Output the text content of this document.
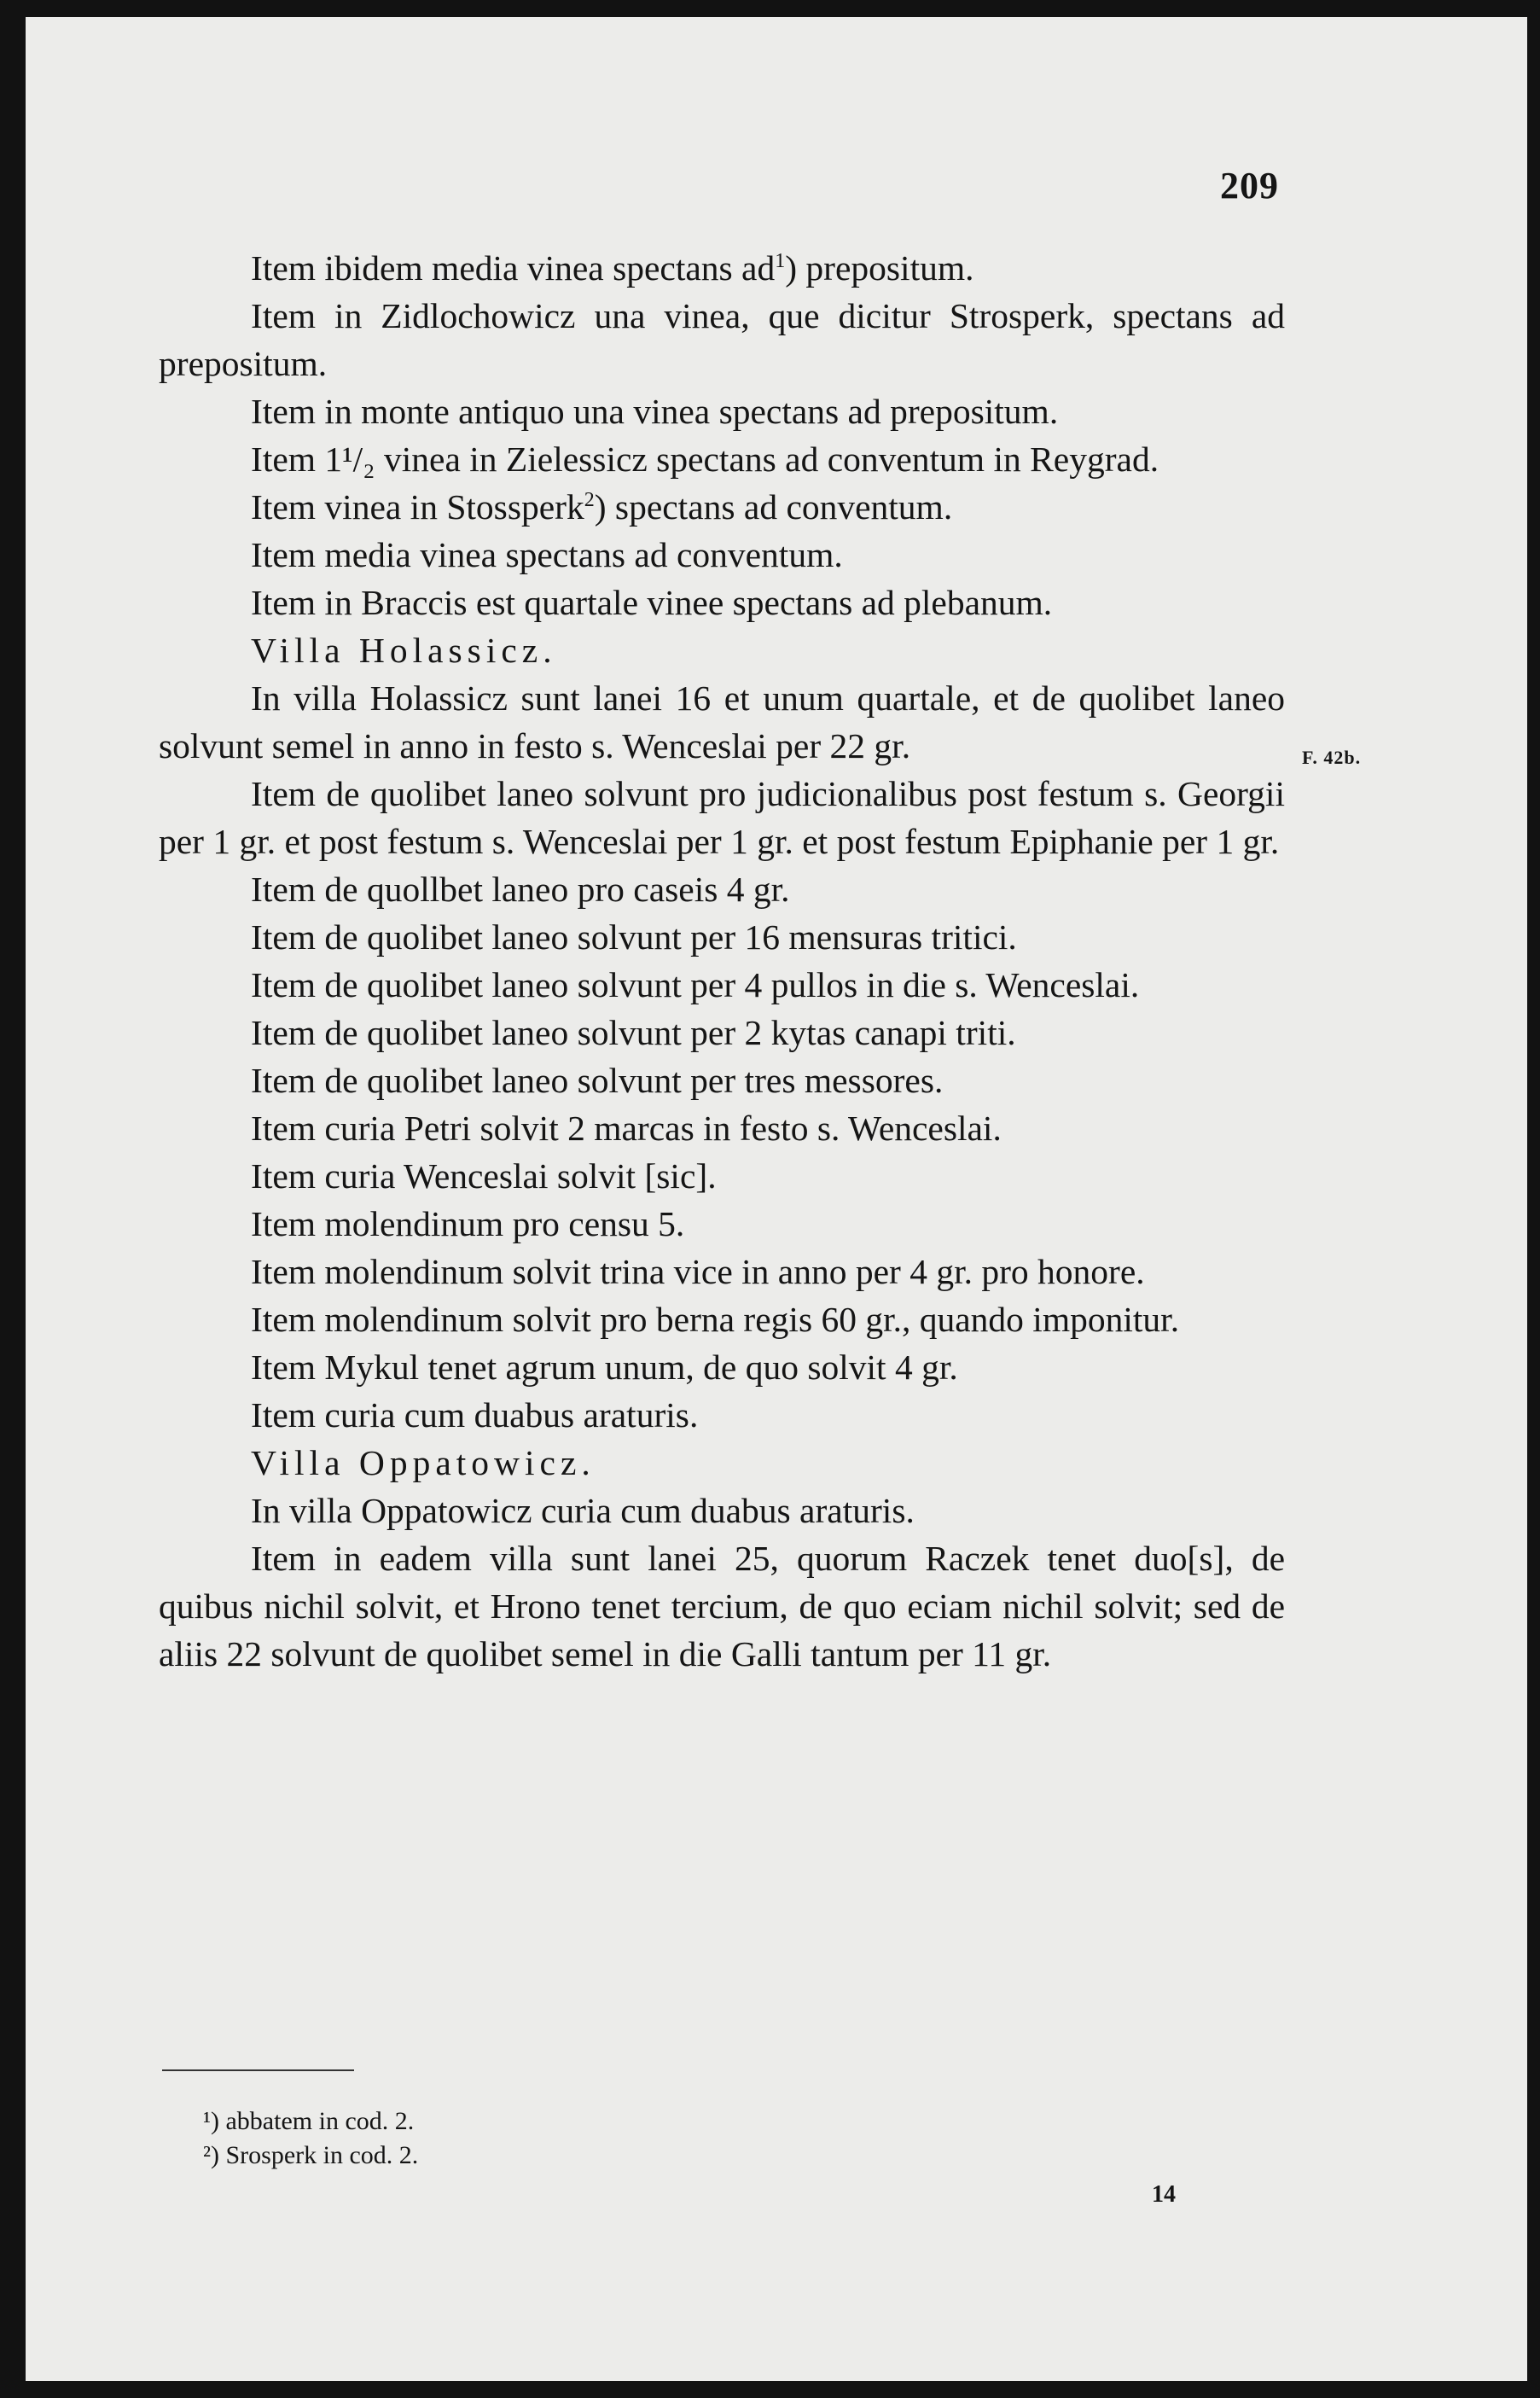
209

Item ibidem media vinea spectans $ad^1$) prepositum.

Item in Zidlochowicz una vinea, que dicitur Strosperk, spectans ad prepositum.

Item in monte antiquo una vinea spectans ad prepositum.

Item 1¹/₂ vinea in Zielessicz spectans ad conventum in Reygrad.

Item vinea in Stossperk$^2$) spectans ad conventum.

Item media vinea spectans ad conventum.

Item in Braccis est quartale vinee spectans ad plebanum.

Villa Holassicz.

In villa Holassicz sunt lanei 16 et unum quartale, et de quolibet laneo solvunt semel in anno in festo s. Wenceslai per 22 gr.

Item de quolibet laneo solvunt pro judicionalibus post festum s. Georgii per 1 gr. et post festum s. Wenceslai per 1 gr. et post festum Epiphanie per 1 gr.

Item de quollbet laneo pro caseis 4 gr.

Item de quolibet laneo solvunt per 16 mensuras tritici.

Item de quolibet laneo solvunt per 4 pullos in die s. Wenceslai.

Item de quolibet laneo solvunt per 2 kytas canapi triti.

Item de quolibet laneo solvunt per tres messores.

Item curia Petri solvit 2 marcas in festo s. Wenceslai.

Item curia Wenceslai solvit [sic].

Item molendinum pro censu 5.

Item molendinum solvit trina vice in anno per 4 gr. pro honore.

Item molendinum solvit pro berna regis 60 gr., quando imponitur.

Item Mykul tenet agrum unum, de quo solvit 4 gr.

Item curia cum duabus araturis.

Villa Oppatowicz.

In villa Oppatowicz curia cum duabus araturis.

Item in eadem villa sunt lanei 25, quorum Raczek tenet duo[s], de quibus nichil solvit, et Hrono tenet tercium, de quo eciam nichil solvit; sed de aliis 22 solvunt de quolibet semel in die Galli tantum per 11 gr.

F. 42b.

¹) abbatem in cod. 2.

²) Srosperk in cod. 2.

14
